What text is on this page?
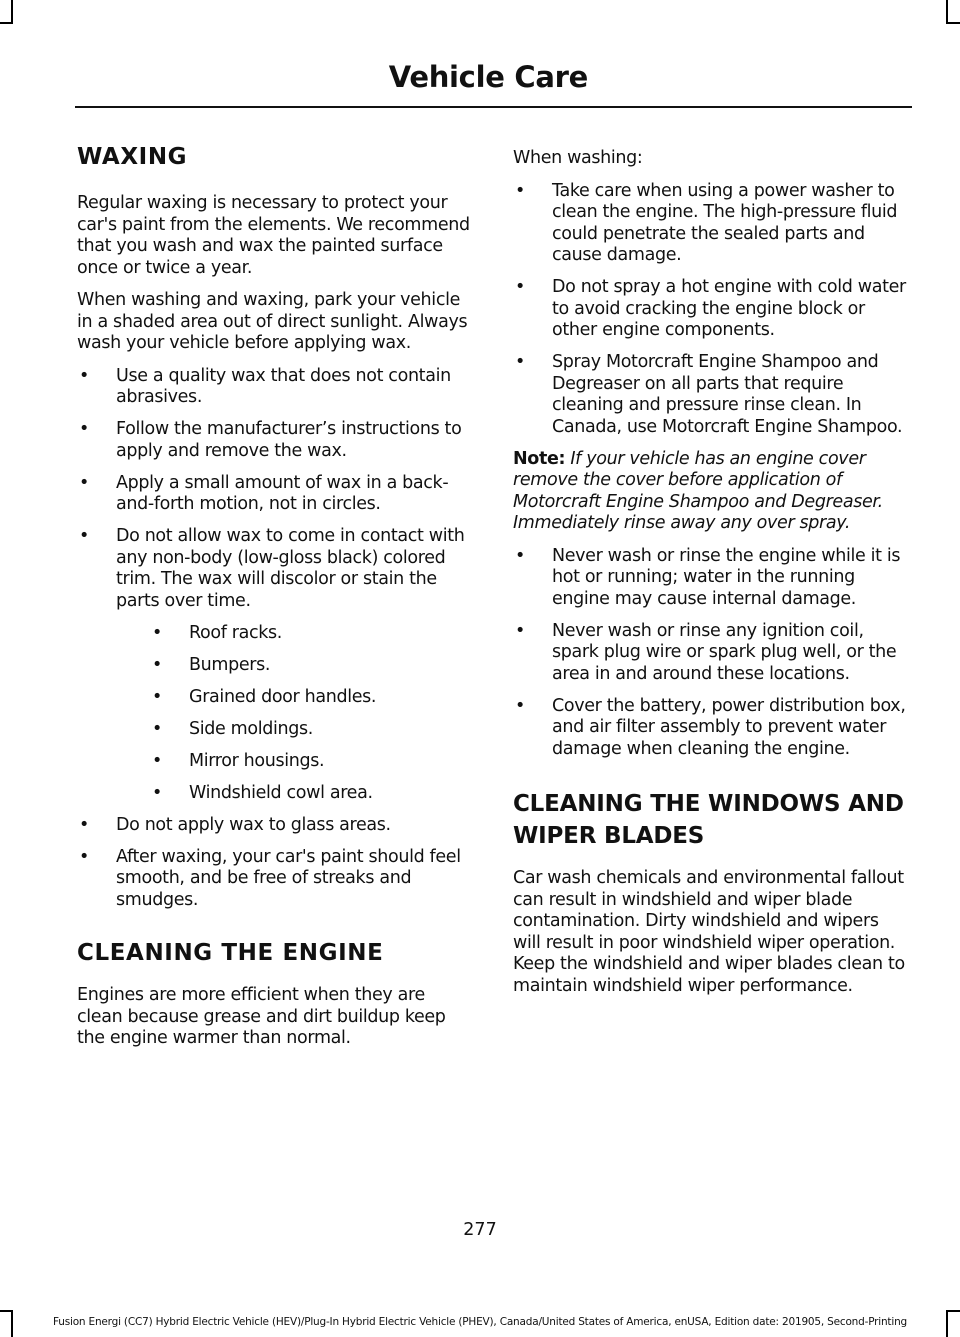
Vehicle Care
WAXING

Regular waxing is necessary to protect your car's paint from the elements. We recommend that you wash and wax the painted surface once or twice a year.

When washing and waxing, park your vehicle in a shaded area out of direct sunlight. Always wash your vehicle before applying wax.

• Use a quality wax that does not contain abrasives.
• Follow the manufacturer’s instructions to apply and remove the wax.
• Apply a small amount of wax in a back-and-forth motion, not in circles.
• Do not allow wax to come in contact with any non-body (low-gloss black) colored trim. The wax will discolor or stain the parts over time.
• Roof racks.
• Bumpers.
• Grained door handles.
• Side moldings.
• Mirror housings.
• Windshield cowl area.
• Do not apply wax to glass areas.
• After waxing, your car's paint should feel smooth, and be free of streaks and smudges.
CLEANING THE ENGINE

Engines are more efficient when they are clean because grease and dirt buildup keep the engine warmer than normal.

When washing:

• Take care when using a power washer to clean the engine. The high-pressure fluid could penetrate the sealed parts and cause damage.
• Do not spray a hot engine with cold water to avoid cracking the engine block or other engine components.
• Spray Motorcraft Engine Shampoo and Degreaser on all parts that require cleaning and pressure rinse clean. In Canada, use Motorcraft Engine Shampoo.

Note: If your vehicle has an engine cover remove the cover before application of Motorcraft Engine Shampoo and Degreaser. Immediately rinse away any over spray.

• Never wash or rinse the engine while it is hot or running; water in the running engine may cause internal damage.
• Never wash or rinse any ignition coil, spark plug wire or spark plug well, or the area in and around these locations.
• Cover the battery, power distribution box, and air filter assembly to prevent water damage when cleaning the engine.
CLEANING THE WINDOWS AND
WIPER BLADES

Car wash chemicals and environmental fallout can result in windshield and wiper blade contamination. Dirty windshield and wipers will result in poor windshield wiper operation. Keep the windshield and wiper blades clean to maintain windshield wiper performance.

277
Fusion Energi (CC7) Hybrid Electric Vehicle (HEV)/Plug-In Hybrid Electric Vehicle (PHEV), Canada/United States of America, enUSA, Edition date: 201905, Second-Printing
